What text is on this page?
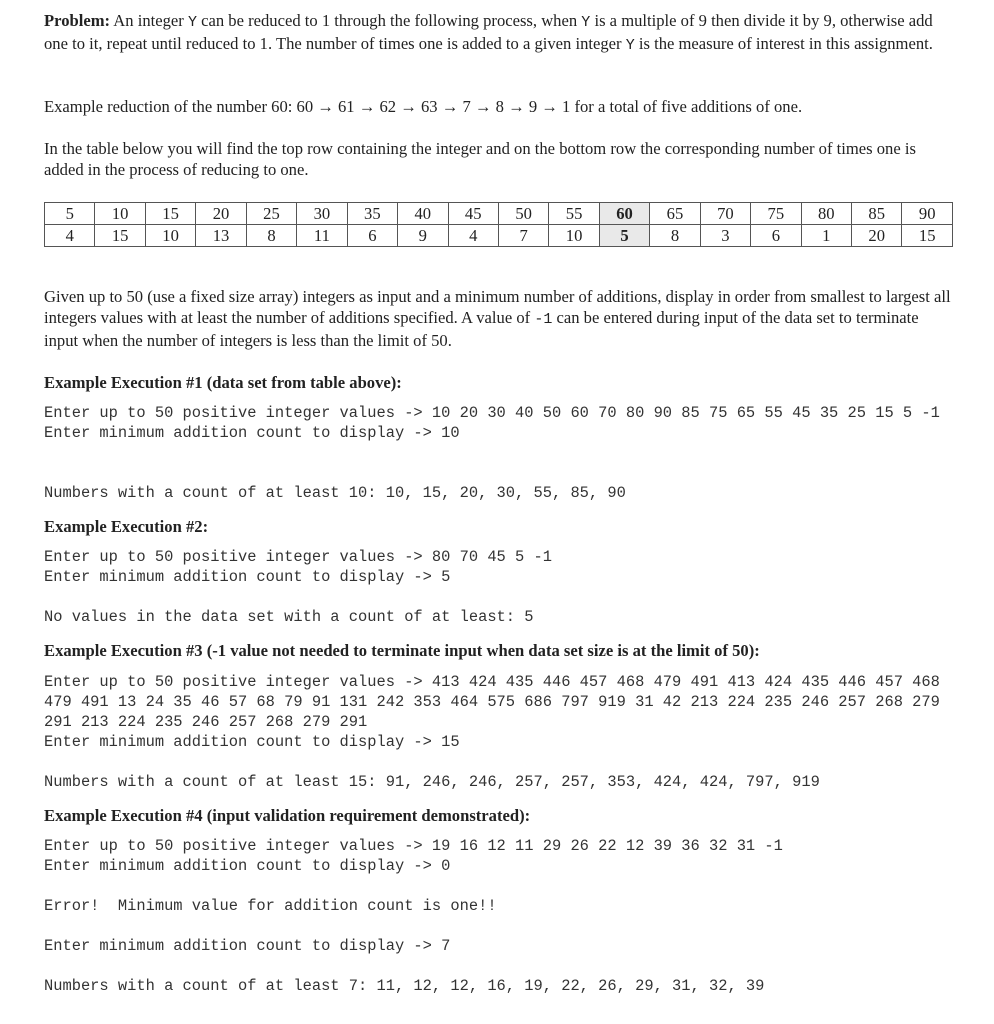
Problem: An integer Y can be reduced to 1 through the following process, when Y is a multiple of 9 then divide it by 9, otherwise add one to it, repeat until reduced to 1. The number of times one is added to a given integer Y is the measure of interest in this assignment.

Example reduction of the number 60: 60 → 61 → 62 → 63 → 7 → 8 → 9 → 1 for a total of five additions of one.

In the table below you will find the top row containing the integer and on the bottom row the corresponding number of times one is added in the process of reducing to one.

5	10	15	20	25	30	35	40	45	50	55	60	65	70	75	80	85	90
4	15	10	13	8	11	6	9	4	7	10	5	8	3	6	1	20	15

Given up to 50 (use a fixed size array) integers as input and a minimum number of additions, display in order from smallest to largest all integers values with at least the number of additions specified. A value of -1 can be entered during input of the data set to terminate input when the number of integers is less than the limit of 50.

Example Execution #1 (data set from table above):

Enter up to 50 positive integer values -> 10 20 30 40 50 60 70 80 90 85 75 65 55 45 35 25 15 5 -1

Enter minimum addition count to display -> 10

Numbers with a count of at least 10: 10, 15, 20, 30, 55, 85, 90

Example Execution #2:

Enter up to 50 positive integer values -> 80 70 45 5 -1

Enter minimum addition count to display -> 5

No values in the data set with a count of at least: 5

Example Execution #3 (-1 value not needed to terminate input when data set size is at the limit of 50):

Enter up to 50 positive integer values -> 413 424 435 446 457 468 479 491 413 424 435 446 457 468 479 491 13 24 35 46 57 68 79 91 131 242 353 464 575 686 797 919 31 42 213 224 235 246 257 268 279 291 213 224 235 246 257 268 279 291

Enter minimum addition count to display -> 15

Numbers with a count of at least 15: 91, 246, 246, 257, 257, 353, 424, 424, 797, 919

Example Execution #4 (input validation requirement demonstrated):

Enter up to 50 positive integer values -> 19 16 12 11 29 26 22 12 39 36 32 31 -1

Enter minimum addition count to display -> 0

Error!  Minimum value for addition count is one!!

Enter minimum addition count to display -> 7

Numbers with a count of at least 7: 11, 12, 12, 16, 19, 22, 26, 29, 31, 32, 39
